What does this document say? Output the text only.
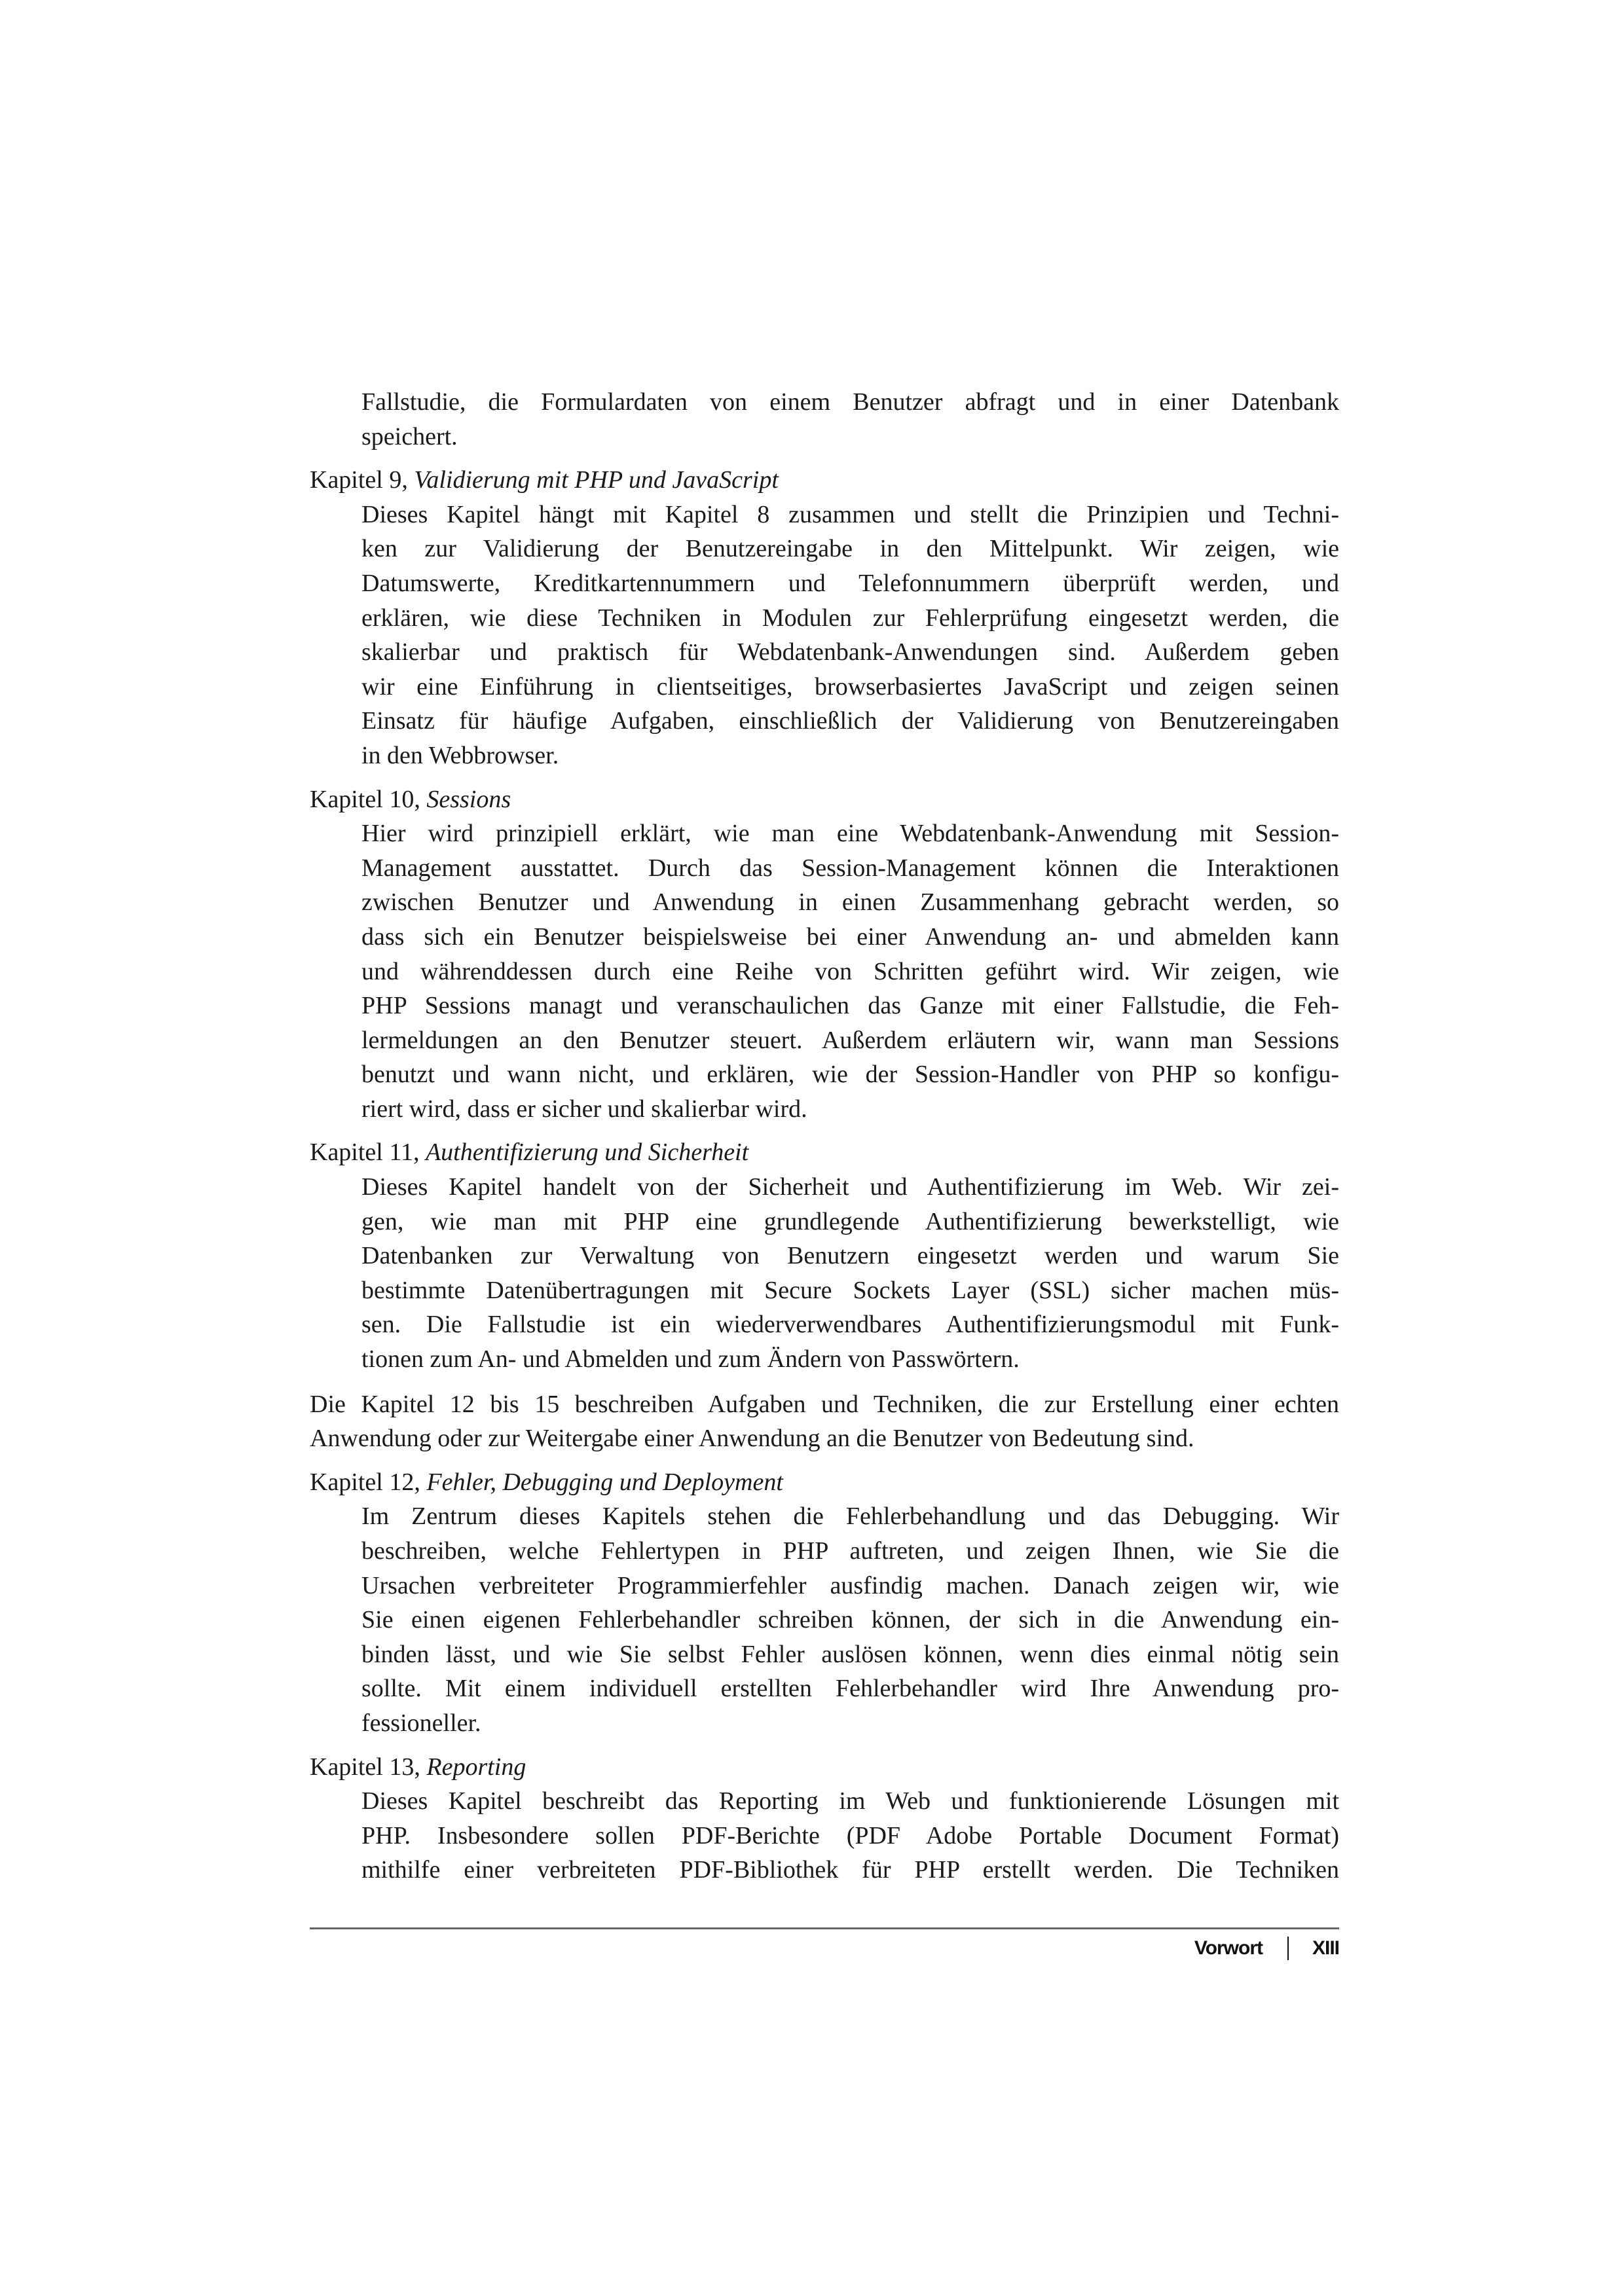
Fallstudie, die Formulardaten von einem Benutzer abfragt und in einer Datenbank
speichert.
Kapitel 9, Validierung mit PHP und JavaScript
Dieses Kapitel hängt mit Kapitel 8 zusammen und stellt die Prinzipien und Techni-
ken zur Validierung der Benutzereingabe in den Mittelpunkt. Wir zeigen, wie
Datumswerte, Kreditkartennummern und Telefonnummern überprüft werden, und
erklären, wie diese Techniken in Modulen zur Fehlerprüfung eingesetzt werden, die
skalierbar und praktisch für Webdatenbank-Anwendungen sind. Außerdem geben
wir eine Einführung in clientseitiges, browserbasiertes JavaScript und zeigen seinen
Einsatz für häufige Aufgaben, einschließlich der Validierung von Benutzereingaben
in den Webbrowser.
Kapitel 10, Sessions
Hier wird prinzipiell erklärt, wie man eine Webdatenbank-Anwendung mit Session-
Management ausstattet. Durch das Session-Management können die Interaktionen
zwischen Benutzer und Anwendung in einen Zusammenhang gebracht werden, so
dass sich ein Benutzer beispielsweise bei einer Anwendung an- und abmelden kann
und währenddessen durch eine Reihe von Schritten geführt wird. Wir zeigen, wie
PHP Sessions managt und veranschaulichen das Ganze mit einer Fallstudie, die Feh-
lermeldungen an den Benutzer steuert. Außerdem erläutern wir, wann man Sessions
benutzt und wann nicht, und erklären, wie der Session-Handler von PHP so konfigu-
riert wird, dass er sicher und skalierbar wird.
Kapitel 11, Authentifizierung und Sicherheit
Dieses Kapitel handelt von der Sicherheit und Authentifizierung im Web. Wir zei-
gen, wie man mit PHP eine grundlegende Authentifizierung bewerkstelligt, wie
Datenbanken zur Verwaltung von Benutzern eingesetzt werden und warum Sie
bestimmte Datenübertragungen mit Secure Sockets Layer (SSL) sicher machen müs-
sen. Die Fallstudie ist ein wiederverwendbares Authentifizierungsmodul mit Funk-
tionen zum An- und Abmelden und zum Ändern von Passwörtern.
Die Kapitel 12 bis 15 beschreiben Aufgaben und Techniken, die zur Erstellung einer echten
Anwendung oder zur Weitergabe einer Anwendung an die Benutzer von Bedeutung sind.
Kapitel 12, Fehler, Debugging und Deployment
Im Zentrum dieses Kapitels stehen die Fehlerbehandlung und das Debugging. Wir
beschreiben, welche Fehlertypen in PHP auftreten, und zeigen Ihnen, wie Sie die
Ursachen verbreiteter Programmierfehler ausfindig machen. Danach zeigen wir, wie
Sie einen eigenen Fehlerbehandler schreiben können, der sich in die Anwendung ein-
binden lässt, und wie Sie selbst Fehler auslösen können, wenn dies einmal nötig sein
sollte. Mit einem individuell erstellten Fehlerbehandler wird Ihre Anwendung pro-
fessioneller.
Kapitel 13, Reporting
Dieses Kapitel beschreibt das Reporting im Web und funktionierende Lösungen mit
PHP. Insbesondere sollen PDF-Berichte (PDF Adobe Portable Document Format)
mithilfe einer verbreiteten PDF-Bibliothek für PHP erstellt werden. Die Techniken
Vorwort	XIII
